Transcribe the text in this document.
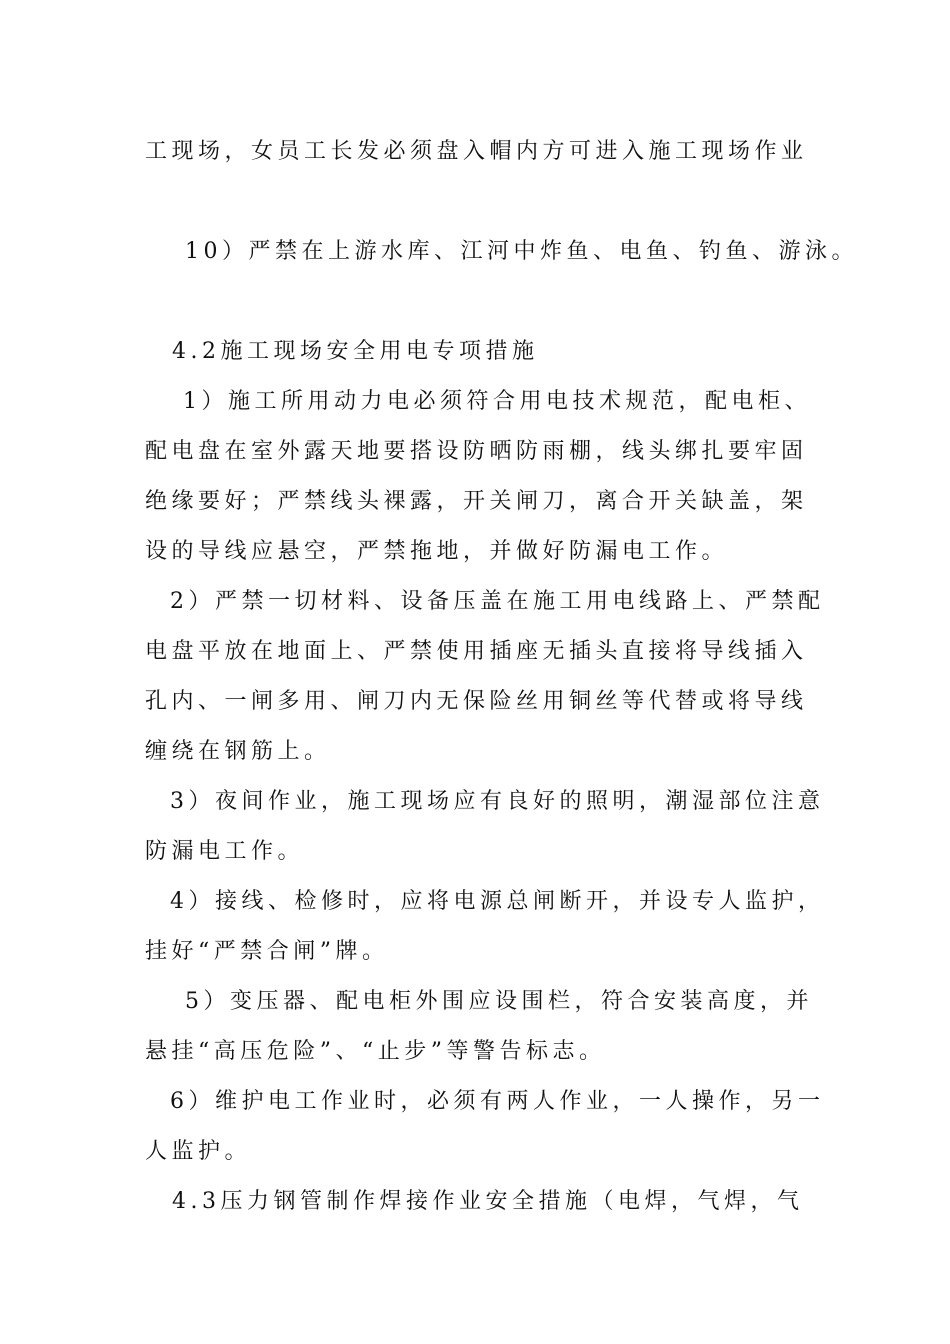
工现场，女员工长发必须盘入帽内方可进入施工现场作业
10）严禁在上游水库、江河中炸鱼、电鱼、钓鱼、游泳。
4.2施工现场安全用电专项措施
1）施工所用动力电必须符合用电技术规范，配电柜、
配电盘在室外露天地要搭设防晒防雨棚，线头绑扎要牢固
绝缘要好；严禁线头裸露，开关闸刀，离合开关缺盖，架
设的导线应悬空，严禁拖地，并做好防漏电工作。
2）严禁一切材料、设备压盖在施工用电线路上、严禁配
电盘平放在地面上、严禁使用插座无插头直接将导线插入
孔内、一闸多用、闸刀内无保险丝用铜丝等代替或将导线
缠绕在钢筋上。
3）夜间作业，施工现场应有良好的照明，潮湿部位注意
防漏电工作。
4）接线、检修时，应将电源总闸断开，并设专人监护，
挂好“严禁合闸”牌。
5）变压器、配电柜外围应设围栏，符合安装高度，并
悬挂“高压危险”、“止步”等警告标志。
6）维护电工作业时，必须有两人作业，一人操作，另一
人监护。
4.3压力钢管制作焊接作业安全措施（电焊，气焊，气
